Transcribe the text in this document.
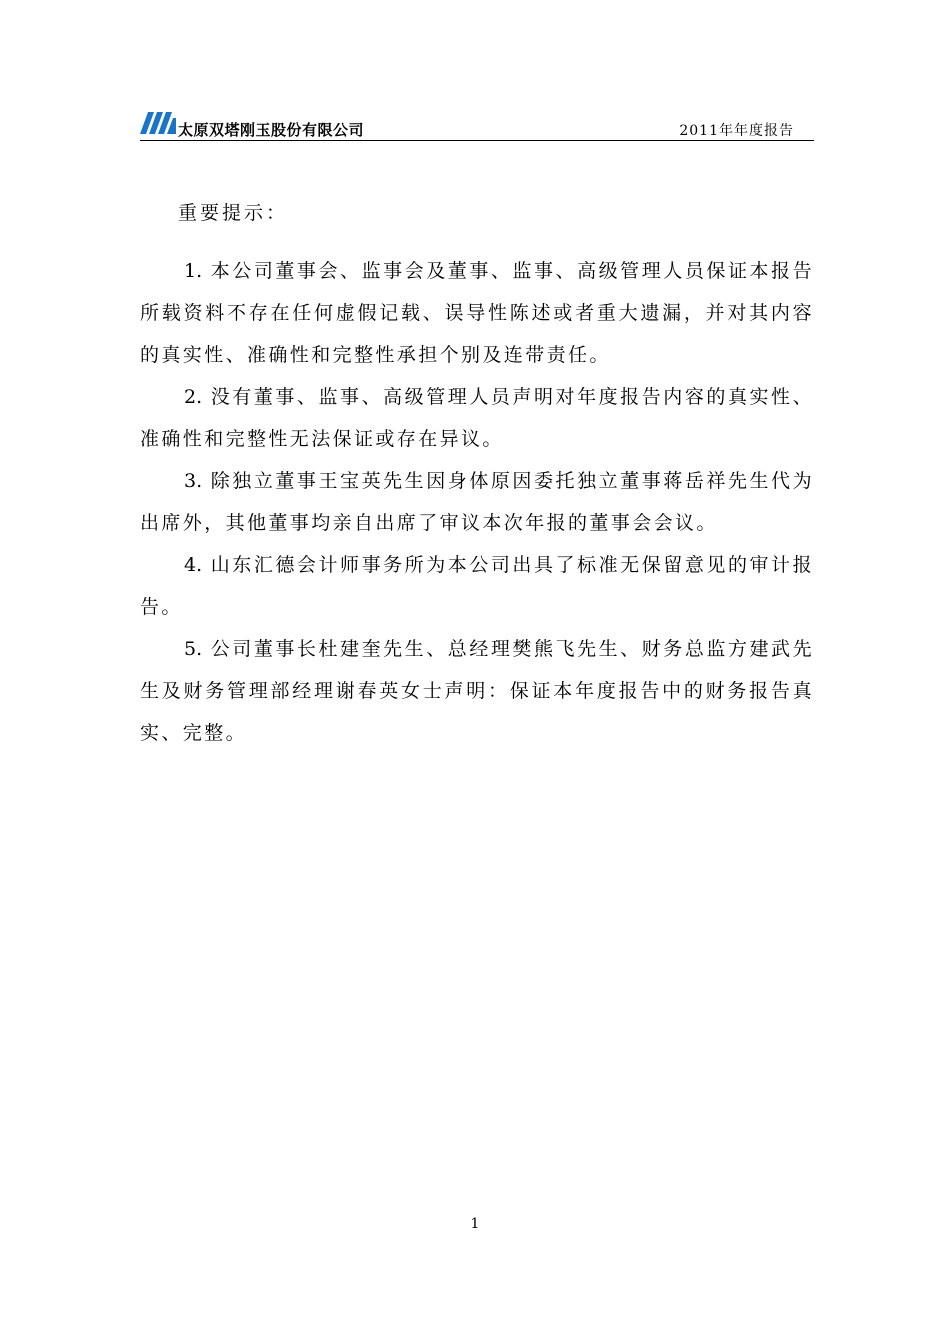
太原双塔刚玉股份有限公司	2011年年度报告
重要提示：

1. 本公司董事会、监事会及董事、监事、高级管理人员保证本报告所载资料不存在任何虚假记载、误导性陈述或者重大遗漏，并对其内容的真实性、准确性和完整性承担个别及连带责任。

2. 没有董事、监事、高级管理人员声明对年度报告内容的真实性、准确性和完整性无法保证或存在异议。

3. 除独立董事王宝英先生因身体原因委托独立董事蒋岳祥先生代为出席外，其他董事均亲自出席了审议本次年报的董事会会议。

4. 山东汇德会计师事务所为本公司出具了标准无保留意见的审计报告。

5. 公司董事长杜建奎先生、总经理樊熊飞先生、财务总监方建武先生及财务管理部经理谢春英女士声明：保证本年度报告中的财务报告真实、完整。

1
